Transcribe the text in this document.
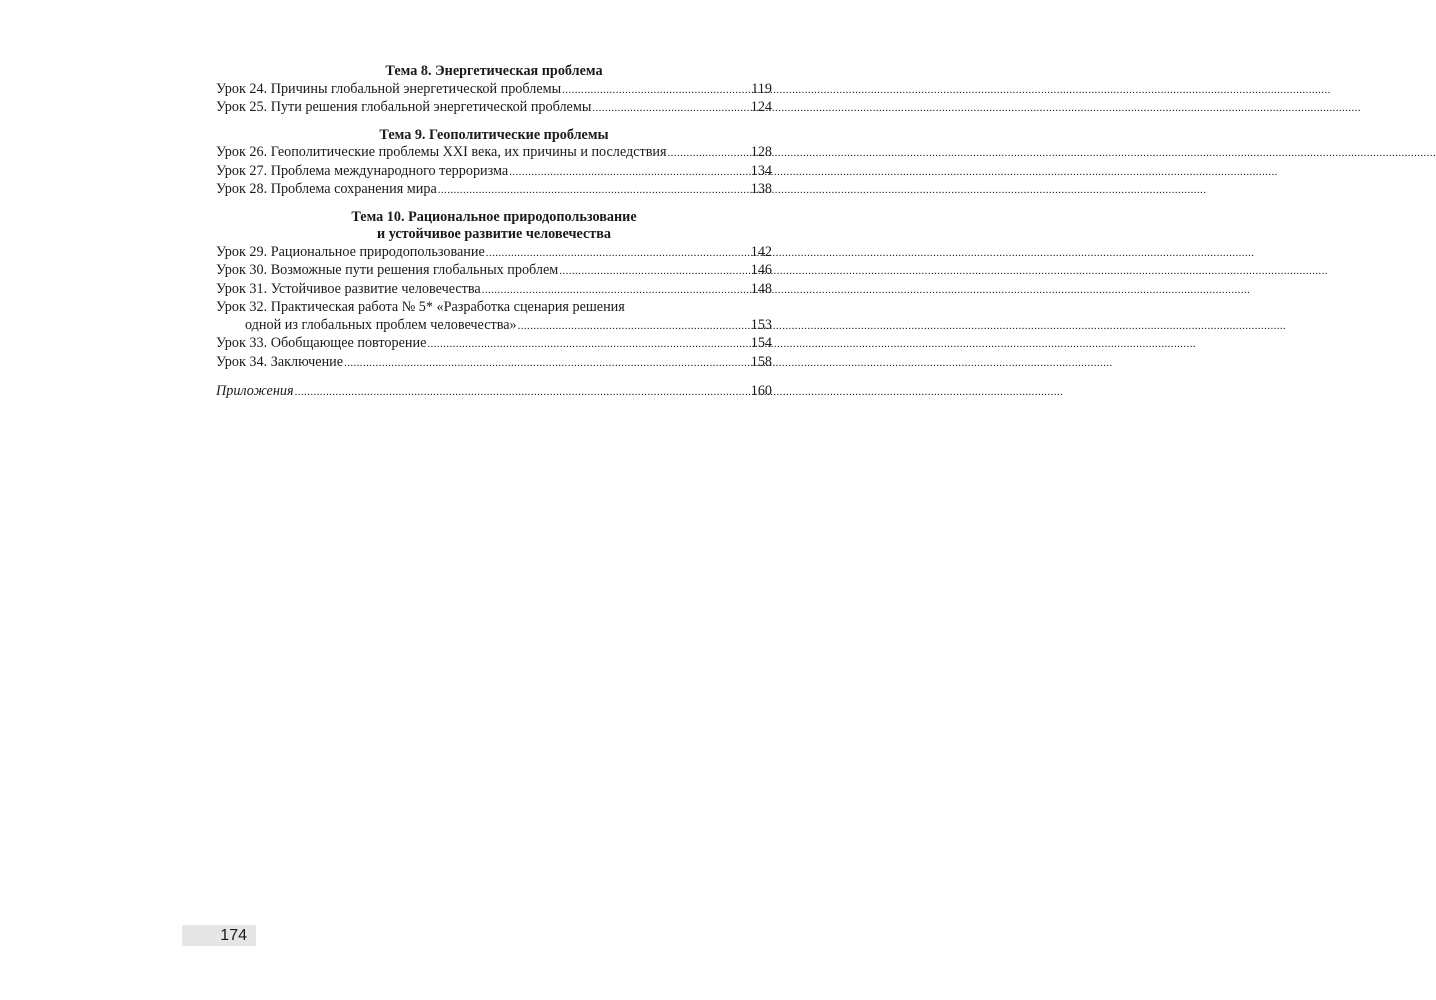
Тема 8. Энергетическая проблема

Урок 24. Причины глобальной энергетической проблемы .....	119
Урок 25. Пути решения глобальной энергетической проблемы .....	124

Тема 9. Геополитические проблемы

Урок 26. Геополитические проблемы XXI века, их причины и последствия .....	128
Урок 27. Проблема международного терроризма .....	134
Урок 28. Проблема сохранения мира .....	138

Тема 10. Рациональное природопользование

и устойчивое развитие человечества

Урок 29. Рациональное природопользование .....	142
Урок 30. Возможные пути решения глобальных проблем .....	146
Урок 31. Устойчивое развитие человечества .....	148
Урок 32. Практическая работа № 5* «Разработка сценария решения
одной из глобальных проблем человечества» .....	153
Урок 33. Обобщающее повторение .....	154
Урок 34. Заключение .....	158
Приложения .....	160
174
